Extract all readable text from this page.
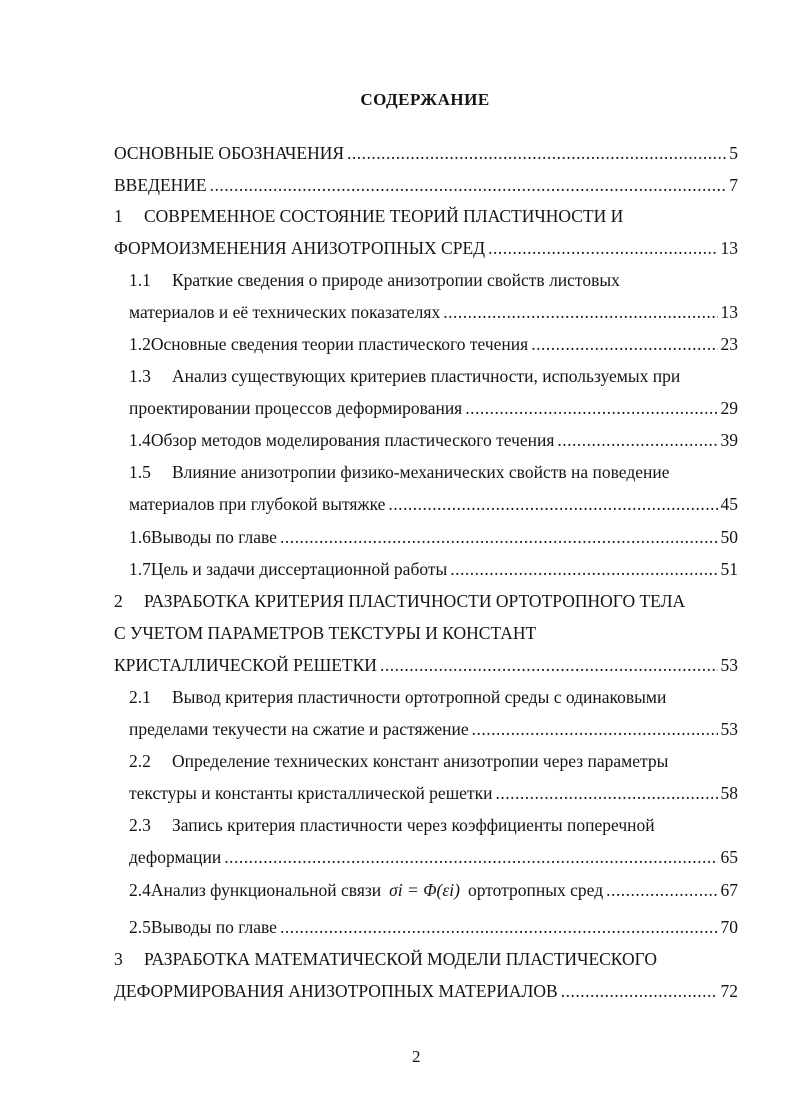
СОДЕРЖАНИЕ
ОСНОВНЫЕ ОБОЗНАЧЕНИЯ .....	5
ВВЕДЕНИЕ .....	7
1	СОВРЕМЕННОЕ СОСТОЯНИЕ ТЕОРИЙ ПЛАСТИЧНОСТИ И
ФОРМОИЗМЕНЕНИЯ АНИЗОТРОПНЫХ СРЕД .....	13
1.1	Краткие сведения о природе анизотропии свойств листовых
материалов и её технических показателях .....	13
1.2 Основные сведения теории пластического течения .....	23
1.3	Анализ существующих критериев пластичности, используемых при
проектировании процессов деформирования .....	29
1.4 Обзор методов моделирования пластического течения .....	39
1.5	Влияние анизотропии физико-механических свойств на поведение
материалов при глубокой вытяжке .....	45
1.6 Выводы по главе .....	50
1.7 Цель и задачи диссертационной работы .....	51
2	РАЗРАБОТКА КРИТЕРИЯ ПЛАСТИЧНОСТИ ОРТОТРОПНОГО ТЕЛА
С УЧЕТОМ ПАРАМЕТРОВ ТЕКСТУРЫ И КОНСТАНТ
КРИСТАЛЛИЧЕСКОЙ РЕШЕТКИ .....	53
2.1	Вывод критерия пластичности ортотропной среды с одинаковыми
пределами текучести на сжатие и растяжение .....	53
2.2	Определение технических констант анизотропии через параметры
текстуры и константы кристаллической решетки .....	58
2.3	Запись критерия пластичности через коэффициенты поперечной
деформации .....	65
2.4 Анализ функциональной связи σi = Φ(εi) ортотропных сред .....	67
2.5 Выводы по главе .....	70
3	РАЗРАБОТКА МАТЕМАТИЧЕСКОЙ МОДЕЛИ ПЛАСТИЧЕСКОГО
ДЕФОРМИРОВАНИЯ АНИЗОТРОПНЫХ МАТЕРИАЛОВ .....	72
2
